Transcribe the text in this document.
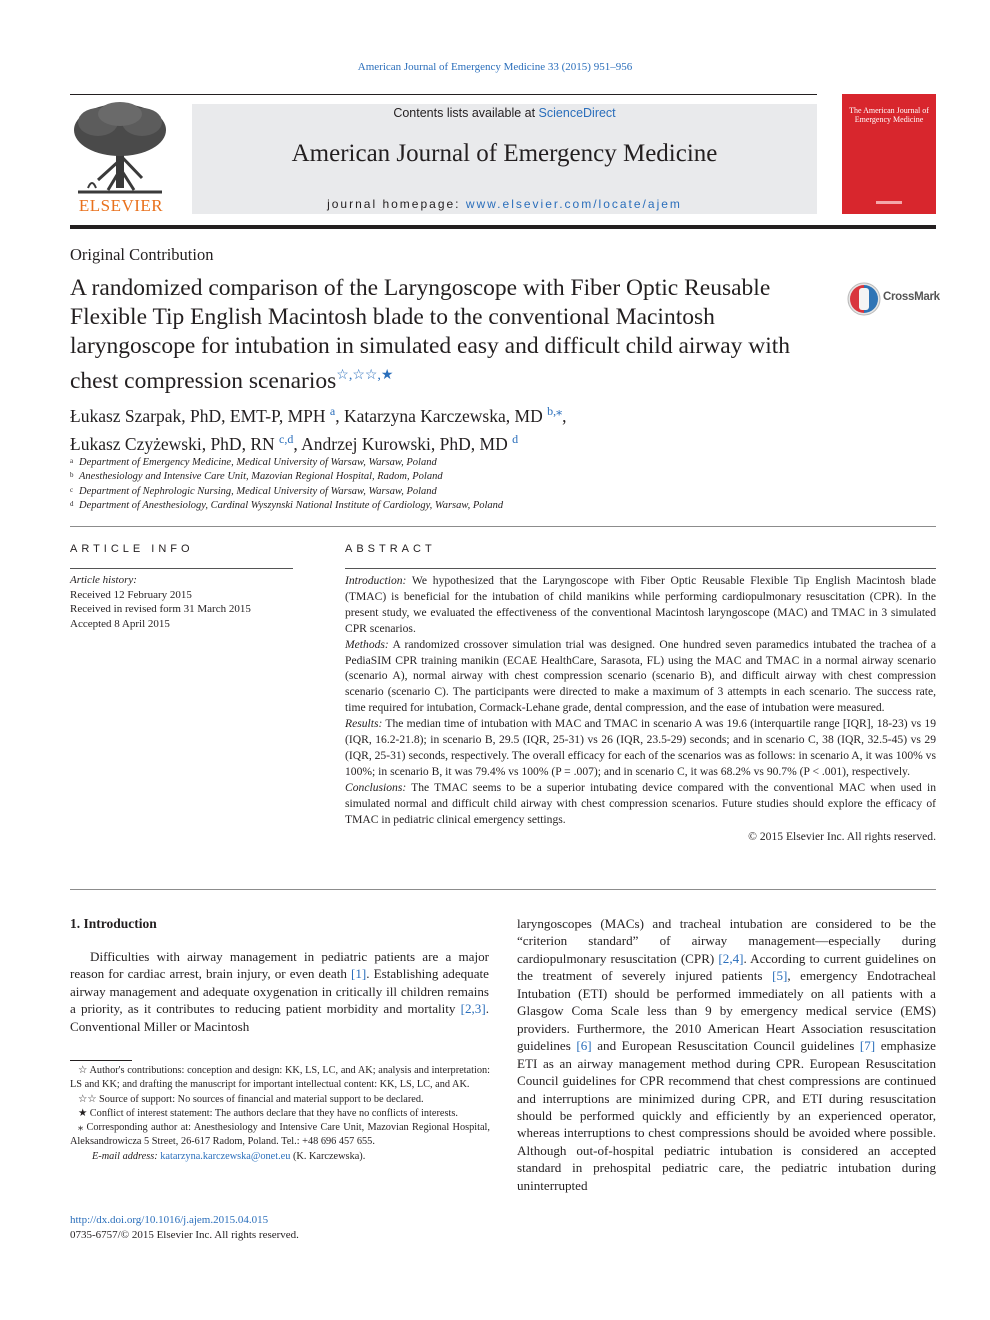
American Journal of Emergency Medicine 33 (2015) 951–956
ELSEVIER
Contents lists available at ScienceDirect
American Journal of Emergency Medicine
journal homepage: www.elsevier.com/locate/ajem
The American Journal of Emergency Medicine
Original Contribution
A randomized comparison of the Laryngoscope with Fiber Optic Reusable Flexible Tip English Macintosh blade to the conventional Macintosh laryngoscope for intubation in simulated easy and difficult child airway with chest compression scenarios☆,☆☆,★
CrossMark
Łukasz Szarpak, PhD, EMT-P, MPH $^a$, Katarzyna Karczewska, MD $^{b,⁎}$,
Łukasz Czyżewski, PhD, RN $^{c,d}$, Andrzej Kurowski, PhD, MD $^d$
a Department of Emergency Medicine, Medical University of Warsaw, Warsaw, Poland
b Anesthesiology and Intensive Care Unit, Mazovian Regional Hospital, Radom, Poland
c Department of Nephrologic Nursing, Medical University of Warsaw, Warsaw, Poland
d Department of Anesthesiology, Cardinal Wyszynski National Institute of Cardiology, Warsaw, Poland
ARTICLE INFO	ABSTRACT
Article history:
Received 12 February 2015
Received in revised form 31 March 2015
Accepted 8 April 2015

Introduction: We hypothesized that the Laryngoscope with Fiber Optic Reusable Flexible Tip English Macintosh blade (TMAC) is beneficial for the intubation of child manikins while performing cardiopulmonary resuscitation (CPR). In the present study, we evaluated the effectiveness of the conventional Macintosh laryngoscope (MAC) and TMAC in 3 simulated CPR scenarios.

Methods: A randomized crossover simulation trial was designed. One hundred seven paramedics intubated the trachea of a PediaSIM CPR training manikin (ECAE HealthCare, Sarasota, FL) using the MAC and TMAC in a normal airway scenario (scenario A), normal airway with chest compression scenario (scenario B), and difficult airway with chest compression scenario (scenario C). The participants were directed to make a maximum of 3 attempts in each scenario. The success rate, time required for intubation, Cormack-Lehane grade, dental compression, and the ease of intubation were measured.

Results: The median time of intubation with MAC and TMAC in scenario A was 19.6 (interquartile range [IQR], 18-23) vs 19 (IQR, 16.2-21.8); in scenario B, 29.5 (IQR, 25-31) vs 26 (IQR, 23.5-29) seconds; and in scenario C, 38 (IQR, 32.5-45) vs 29 (IQR, 25-31) seconds, respectively. The overall efficacy for each of the scenarios was as follows: in scenario A, it was 100% vs 100%; in scenario B, it was 79.4% vs 100% (P = .007); and in scenario C, it was 68.2% vs 90.7% (P < .001), respectively.

Conclusions: The TMAC seems to be a superior intubating device compared with the conventional MAC when used in simulated normal and difficult child airway with chest compression scenarios. Future studies should explore the efficacy of TMAC in pediatric clinical emergency settings.

© 2015 Elsevier Inc. All rights reserved.

1. Introduction

Difficulties with airway management in pediatric patients are a major reason for cardiac arrest, brain injury, or even death [1]. Establishing adequate airway management and adequate oxygenation in critically ill children remains a priority, as it contributes to reducing patient morbidity and mortality [2,3]. Conventional Miller or Macintosh

laryngoscopes (MACs) and tracheal intubation are considered to be the “criterion standard” of airway management—especially during cardiopulmonary resuscitation (CPR) [2,4]. According to current guidelines on the treatment of severely injured patients [5], emergency Endotracheal Intubation (ETI) should be performed immediately on all patients with a Glasgow Coma Scale less than 9 by emergency medical service (EMS) providers. Furthermore, the 2010 American Heart Association resuscitation guidelines [6] and European Resuscitation Council guidelines [7] emphasize ETI as an airway management method during CPR. European Resuscitation Council guidelines for CPR recommend that chest compressions are continued and interruptions are minimized during CPR, and ETI during resuscitation should be performed quickly and efficiently by an experienced operator, whereas interruptions to chest compressions should be avoided where possible. Although out-of-hospital pediatric intubation is considered an accepted standard in prehospital pediatric care, the pediatric intubation during uninterrupted

☆ Author's contributions: conception and design: KK, LS, LC, and AK; analysis and interpretation: LS and KK; and drafting the manuscript for important intellectual content: KK, LS, LC, and AK.

☆☆ Source of support: No sources of financial and material support to be declared.

★ Conflict of interest statement: The authors declare that they have no conflicts of interests.

⁎ Corresponding author at: Anesthesiology and Intensive Care Unit, Mazovian Regional Hospital, Aleksandrowicza 5 Street, 26-617 Radom, Poland. Tel.: +48 696 457 655.

E-mail address: katarzyna.karczewska@onet.eu (K. Karczewska).

http://dx.doi.org/10.1016/j.ajem.2015.04.015
0735-6757/© 2015 Elsevier Inc. All rights reserved.
